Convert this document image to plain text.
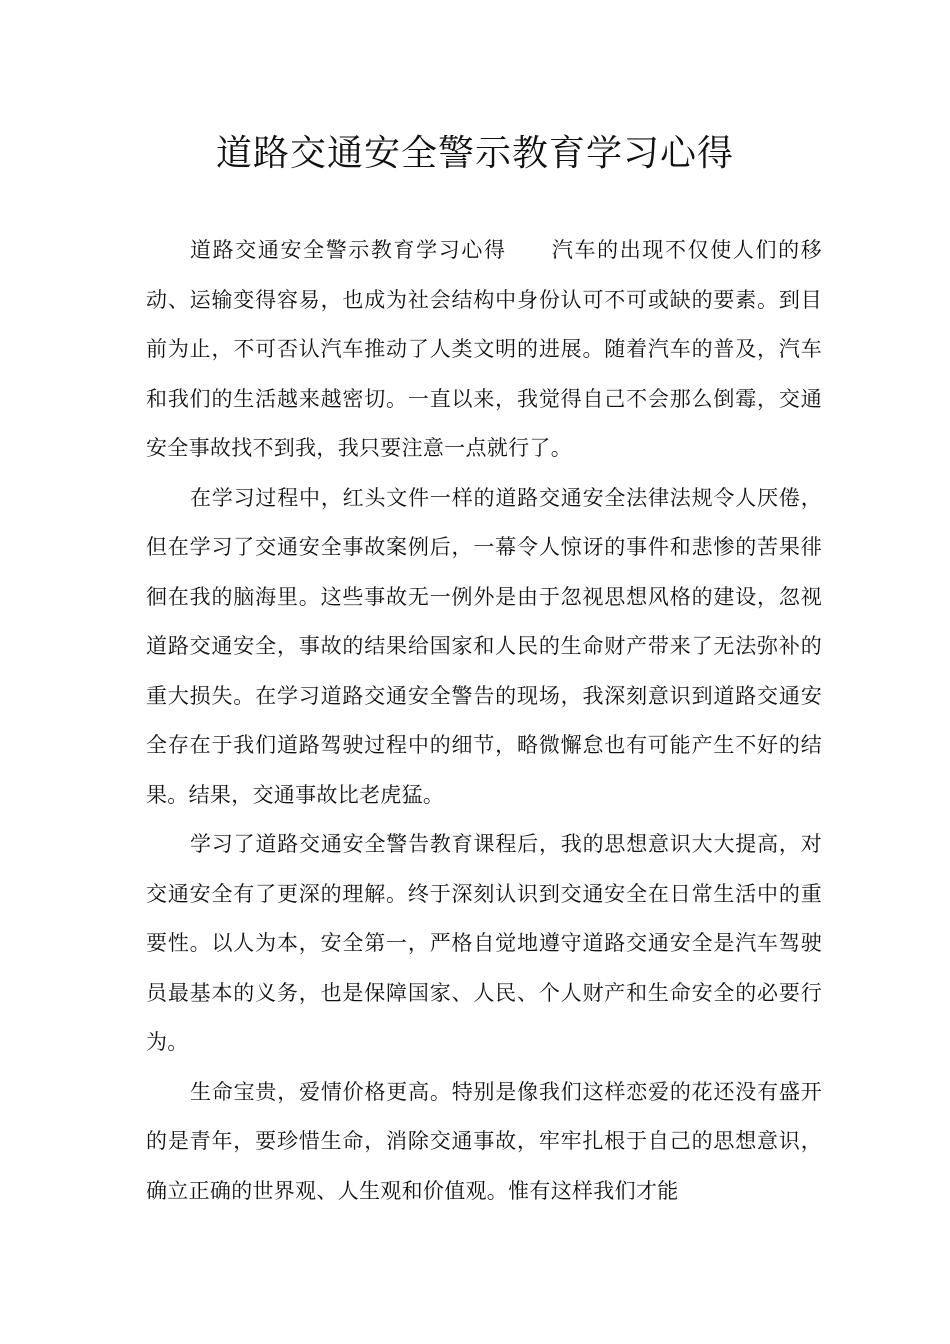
道路交通安全警示教育学习心得

道路交通安全警示教育学习心得 汽车的出现不仅使人们的移动、运输变得容易，也成为社会结构中身份认可不可或缺的要素。到目前为止，不可否认汽车推动了人类文明的进展。随着汽车的普及，汽车和我们的生活越来越密切。一直以来，我觉得自己不会那么倒霉，交通安全事故找不到我，我只要注意一点就行了。

在学习过程中，红头文件一样的道路交通安全法律法规令人厌倦，但在学习了交通安全事故案例后，一幕令人惊讶的事件和悲惨的苦果徘徊在我的脑海里。这些事故无一例外是由于忽视思想风格的建设，忽视道路交通安全，事故的结果给国家和人民的生命财产带来了无法弥补的重大损失。在学习道路交通安全警告的现场，我深刻意识到道路交通安全存在于我们道路驾驶过程中的细节，略微懈怠也有可能产生不好的结果。结果，交通事故比老虎猛。

学习了道路交通安全警告教育课程后，我的思想意识大大提高，对交通安全有了更深的理解。终于深刻认识到交通安全在日常生活中的重要性。以人为本，安全第一，严格自觉地遵守道路交通安全是汽车驾驶员最基本的义务，也是保障国家、人民、个人财产和生命安全的必要行为。

生命宝贵，爱情价格更高。特别是像我们这样恋爱的花还没有盛开的是青年，要珍惜生命，消除交通事故，牢牢扎根于自己的思想意识，确立正确的世界观、人生观和价值观。惟有这样我们才能
